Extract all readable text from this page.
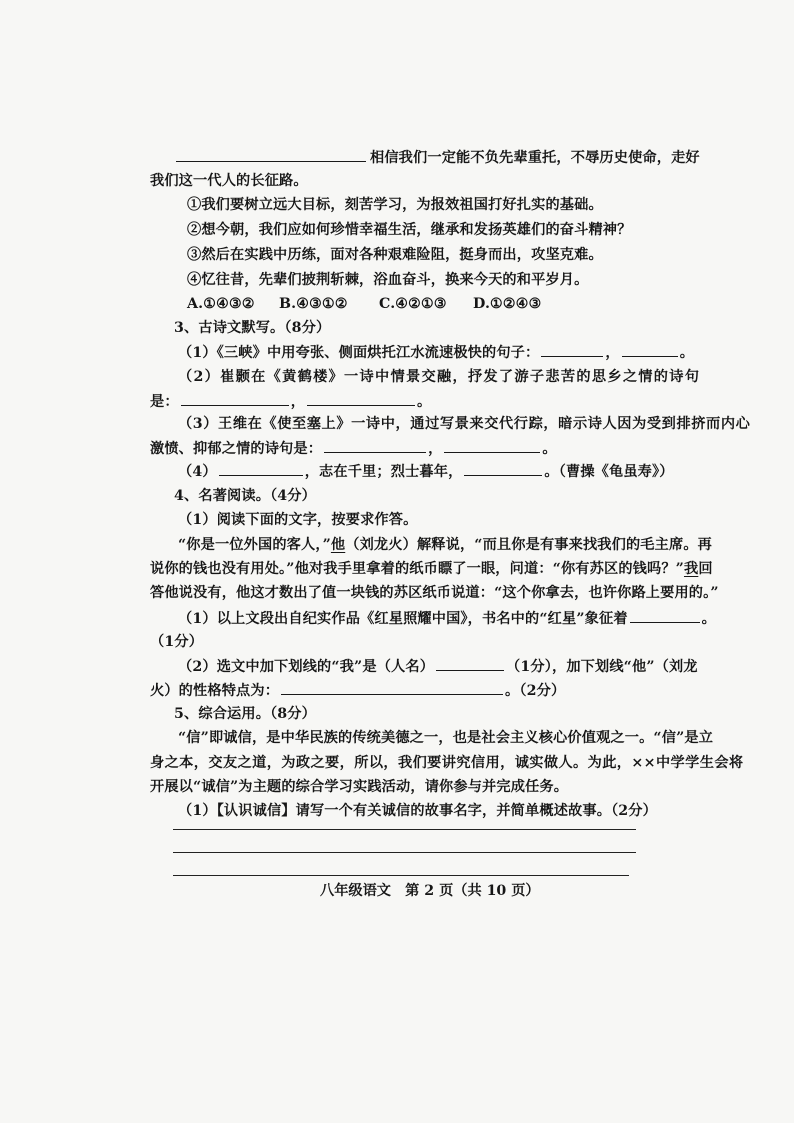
相信我们一定能不负先辈重托，不辱历史使命，走好
我们这一代人的长征路。
①我们要树立远大目标，刻苦学习，为报效祖国打好扎实的基础。
②想今朝，我们应如何珍惜幸福生活，继承和发扬英雄们的奋斗精神？
③然后在实践中历练，面对各种艰难险阻，挺身而出，攻坚克难。
④忆往昔，先辈们披荆斩棘，浴血奋斗，换来今天的和平岁月。
A.①④③② B.④③①② C.④②①③ D.①②④③
3、古诗文默写。（8分）
（1）《三峡》中用夸张、侧面烘托江水流速极快的句子：	，	。
（2）崔颢在《黄鹤楼》一诗中情景交融，抒发了游子悲苦的思乡之情的诗句
是：	，	。
（3）王维在《使至塞上》一诗中，通过写景来交代行踪，暗示诗人因为受到排挤而内心
激愤、抑郁之情的诗句是：	，	。
（4）	，志在千里；烈士暮年，	。（曹操《龟虽寿》）
4、名著阅读。（4分）
（1）阅读下面的文字，按要求作答。
“你是一位外国的客人，”他（刘龙火）解释说，“而且你是有事来找我们的毛主席。再
说你的钱也没有用处。”他对我手里拿着的纸币瞟了一眼，问道：“你有苏区的钱吗？”我回
答他说没有，他这才数出了值一块钱的苏区纸币说道：“这个你拿去，也许你路上要用的。”
（1）以上文段出自纪实作品《红星照耀中国》，书名中的“红星”象征着	。
（1分）
（2）选文中加下划线的“我”是（人名）	（1分），加下划线“他”（刘龙
火）的性格特点为：	。（2分）
5、综合运用。（8分）
“信”即诚信，是中华民族的传统美德之一，也是社会主义核心价值观之一。“信”是立
身之本，交友之道，为政之要，所以，我们要讲究信用，诚实做人。为此，××中学学生会将
开展以“诚信”为主题的综合学习实践活动，请你参与并完成任务。
（1）【认识诚信】请写一个有关诚信的故事名字，并简单概述故事。（2分）
八年级语文　第 2 页（共 10 页）
